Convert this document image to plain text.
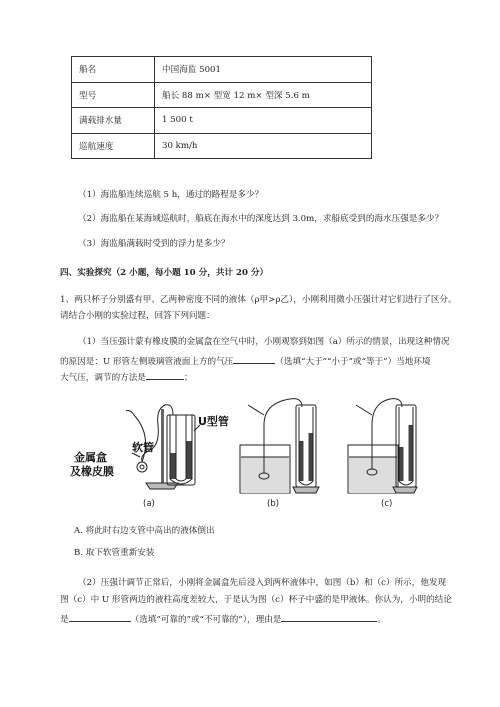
船名	中国海监 5001
型号	船长 88 m× 型宽 12 m× 型深 5.6 m
满载排水量	1 500 t
巡航速度	30 km/h
（1）海监船连续巡航 5 h，通过的路程是多少？
（2）海监船在某海域巡航时，船底在海水中的深度达到 3.0m，求船底受到的海水压强是多少？
（3）海监船满载时受到的浮力是多少？
四、实验探究（2 小题，每小题 10 分，共计 20 分）
1、两只杯子分别盛有甲、乙两种密度不同的液体（ρ甲>ρ乙），小刚利用微小压强计对它们进行了区分。
请结合小刚的实验过程，回答下列问题：
（1）当压强计蒙有橡皮膜的金属盒在空气中时，小刚观察到如图（a）所示的情景，出现这种情况
的原因是：U 形管左侧玻璃管液面上方的气压	（选填“大于”“小于”或“等于”）当地环境
大气压，调节的方法是	；
金属盒
及橡皮膜
软管
U型管
(a)	(b)	(c)
A. 将此时右边支管中高出的液体倒出
B. 取下软管重新安装
（2）压强计调节正常后，小刚将金属盒先后浸入到两杯液体中，如图（b）和（c）所示，他发现
图（c）中 U 形管两边的液柱高度差较大，于是认为图（c）杯子中盛的是甲液体。你认为，小明的结论
是	（选填“可靠的”或“不可靠的”），理由是	。
